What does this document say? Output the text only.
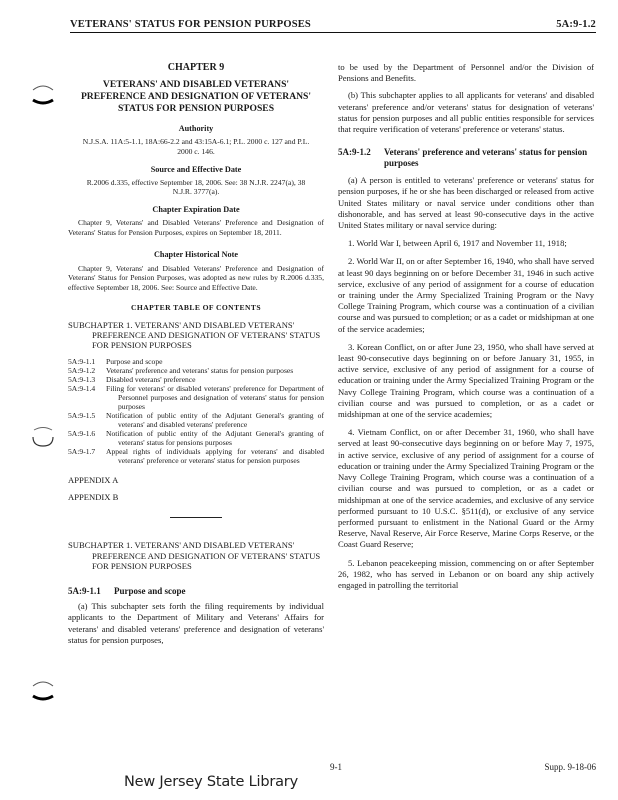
VETERANS' STATUS FOR PENSION PURPOSES	5A:9-1.2
CHAPTER 9
VETERANS' AND DISABLED VETERANS' PREFERENCE AND DESIGNATION OF VETERANS' STATUS FOR PENSION PURPOSES
Authority
N.J.S.A. 11A:5-1.1, 18A:66-2.2 and 43:15A-6.1; P.L. 2000 c. 127 and P.L. 2000 c. 146.
Source and Effective Date
R.2006 d.335, effective September 18, 2006. See: 38 N.J.R. 2247(a), 38 N.J.R. 3777(a).
Chapter Expiration Date
Chapter 9, Veterans' and Disabled Veterans' Preference and Designation of Veterans' Status for Pension Purposes, expires on September 18, 2011.
Chapter Historical Note
Chapter 9, Veterans' and Disabled Veterans' Preference and Designation of Veterans' Status for Pension Purposes, was adopted as new rules by R.2006 d.335, effective September 18, 2006. See: Source and Effective Date.
CHAPTER TABLE OF CONTENTS
SUBCHAPTER 1. VETERANS' AND DISABLED VETERANS' PREFERENCE AND DESIGNATION OF VETERANS' STATUS FOR PENSION PURPOSES
5A:9-1.1	Purpose and scope
5A:9-1.2	Veterans' preference and veterans' status for pension purposes
5A:9-1.3	Disabled veterans' preference
5A:9-1.4	Filing for veterans' or disabled veterans' preference for Department of Personnel purposes and designation of veterans' status for pension purposes
5A:9-1.5	Notification of public entity of the Adjutant General's granting of veterans' and disabled veterans' preference
5A:9-1.6	Notification of public entity of the Adjutant General's granting of veterans' status for pensions purposes
5A:9-1.7	Appeal rights of individuals applying for veterans' and disabled veterans' preference or veterans' status for pension purposes
APPENDIX A
APPENDIX B
SUBCHAPTER 1. VETERANS' AND DISABLED VETERANS' PREFERENCE AND DESIGNATION OF VETERANS' STATUS FOR PENSION PURPOSES
5A:9-1.1	Purpose and scope
(a) This subchapter sets forth the filing requirements by individual applicants to the Department of Military and Veterans' Affairs for veterans' and disabled veterans' preference and designation of veterans' status for pension purposes,
to be used by the Department of Personnel and/or the Division of Pensions and Benefits.
(b) This subchapter applies to all applicants for veterans' and disabled veterans' preference and/or veterans' status for designation of veterans' status for pension purposes and all public entities responsible for services that require verification of veterans' preference or veterans' status.
5A:9-1.2	Veterans' preference and veterans' status for pension purposes
(a) A person is entitled to veterans' preference or veterans' status for pension purposes, if he or she has been discharged or released from active United States military or naval service under conditions other than dishonorable, and has served at least 90-consecutive days in the active United States military or naval service during:
1. World War I, between April 6, 1917 and November 11, 1918;
2. World War II, on or after September 16, 1940, who shall have served at least 90 days beginning on or before December 31, 1946 in such active service, exclusive of any period of assignment for a course of education or training under the Army Specialized Training Program or the Navy College Training Program, which course was a continuation of a civilian course and was pursued to completion; or as a cadet or midshipman at one of the service academies;
3. Korean Conflict, on or after June 23, 1950, who shall have served at least 90-consecutive days beginning on or before January 31, 1955, in active service, exclusive of any period of assignment for a course of education or training under the Army Specialized Training Program or the Navy College Training Program, which course was a continuation of a civilian course and was pursued to completion, or as a cadet or midshipman at one of the service academies;
4. Vietnam Conflict, on or after December 31, 1960, who shall have served at least 90-consecutive days beginning on or before May 7, 1975, in active service, exclusive of any period of assignment for a course of education or training under the Army Specialized Training Program or the Navy College Training Program, which course was a continuation of a civilian course and was pursued to completion, or as a cadet or midshipman at one of the service academies, and exclusive of any service performed pursuant to 10 U.S.C. §511(d), or exclusive of any service performed pursuant to enlistment in the National Guard or the Army Reserve, Naval Reserve, Air Force Reserve, Marine Corps Reserve, or the Coast Guard Reserve;
5. Lebanon peacekeeping mission, commencing on or after September 26, 1982, who has served in Lebanon or on board any ship actively engaged in patrolling the territorial
9-1	Supp. 9-18-06
New Jersey State Library
